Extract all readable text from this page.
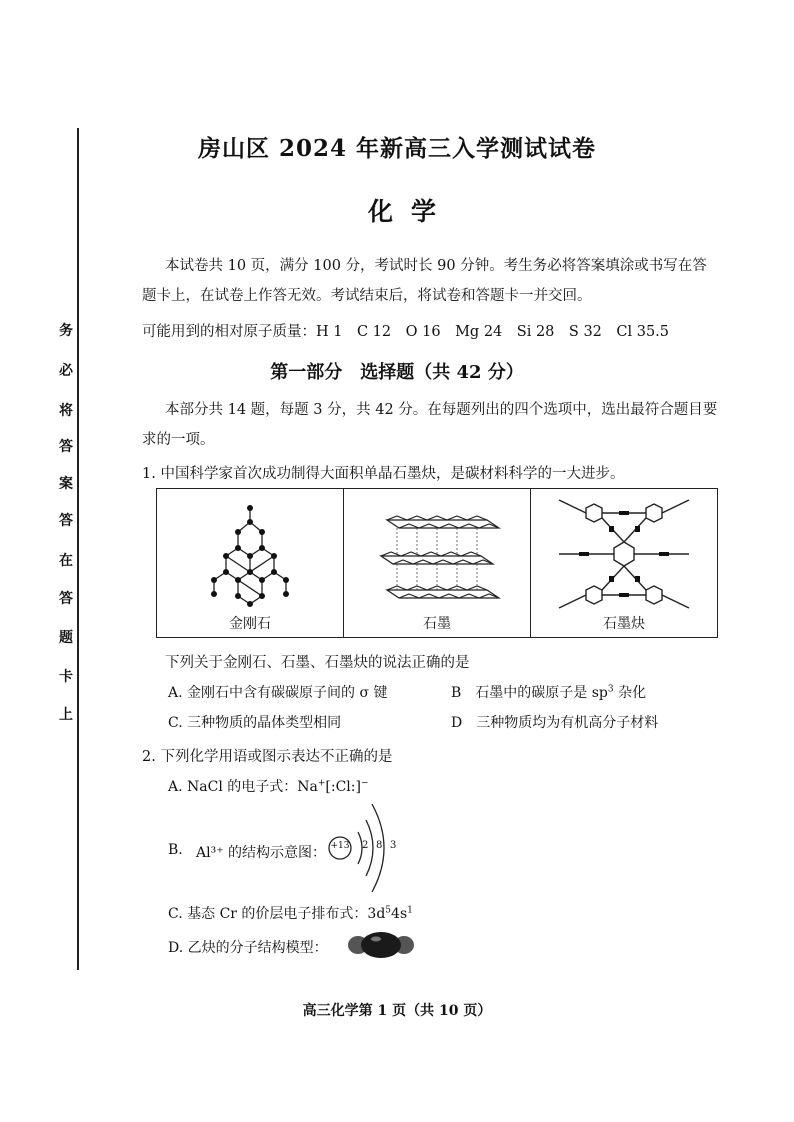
务
必
将
答
案
答
在
答
题
卡
上
房山区 2024 年新高三入学测试试卷
化学
本试卷共 10 页，满分 100 分，考试时长 90 分钟。考生务必将答案填涂或书写在答
题卡上，在试卷上作答无效。考试结束后，将试卷和答题卡一并交回。
可能用到的相对原子质量：H 1　C 12　O 16　Mg 24　Si 28　S 32　Cl 35.5
第一部分　选择题（共 42 分）
本部分共 14 题，每题 3 分，共 42 分。在每题列出的四个选项中，选出最符合题目要
求的一项。
1. 中国科学家首次成功制得大面积单晶石墨炔，是碳材料科学的一大进步。
金刚石	石墨	石墨炔
下列关于金刚石、石墨、石墨炔的说法正确的是
A. 金刚石中含有碳碳原子间的 σ 键	B　石墨中的碳原子是 $sp^3$ 杂化
C. 三种物质的晶体类型相同	D　三种物质均为有机高分子材料
2. 下列化学用语或图示表达不正确的是
A. NaCl 的电子式：Na+[:Cl:]−
B. Al³⁺ 的结构示意图： +13 2 8 3
C. 基态 Cr 的价层电子排布式：$3d^54s^1$
D. 乙炔的分子结构模型：
高三化学第 1 页（共 10 页）
